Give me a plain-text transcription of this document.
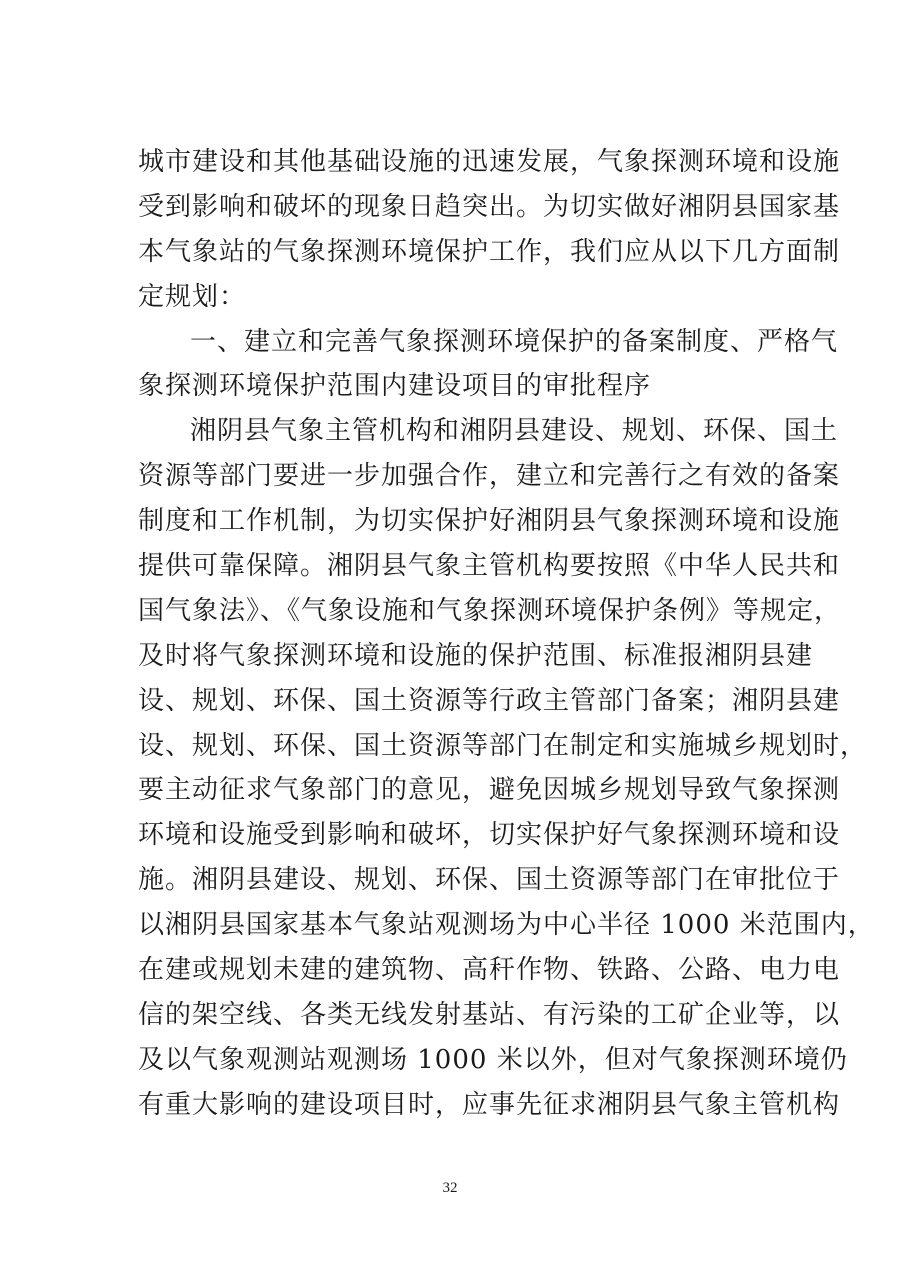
城市建设和其他基础设施的迅速发展，气象探测环境和设施
受到影响和破坏的现象日趋突出。为切实做好湘阴县国家基
本气象站的气象探测环境保护工作，我们应从以下几方面制
定规划：
一、建立和完善气象探测环境保护的备案制度、严格气
象探测环境保护范围内建设项目的审批程序
湘阴县气象主管机构和湘阴县建设、规划、环保、国土
资源等部门要进一步加强合作，建立和完善行之有效的备案
制度和工作机制，为切实保护好湘阴县气象探测环境和设施
提供可靠保障。湘阴县气象主管机构要按照《中华人民共和
国气象法》、《气象设施和气象探测环境保护条例》等规定，
及时将气象探测环境和设施的保护范围、标准报湘阴县建
设、规划、环保、国土资源等行政主管部门备案；湘阴县建
设、规划、环保、国土资源等部门在制定和实施城乡规划时，
要主动征求气象部门的意见，避免因城乡规划导致气象探测
环境和设施受到影响和破坏，切实保护好气象探测环境和设
施。湘阴县建设、规划、环保、国土资源等部门在审批位于
以湘阴县国家基本气象站观测场为中心半径 1000 米范围内，
在建或规划未建的建筑物、高秆作物、铁路、公路、电力电
信的架空线、各类无线发射基站、有污染的工矿企业等，以
及以气象观测站观测场 1000 米以外，但对气象探测环境仍
有重大影响的建设项目时，应事先征求湘阴县气象主管机构
32
